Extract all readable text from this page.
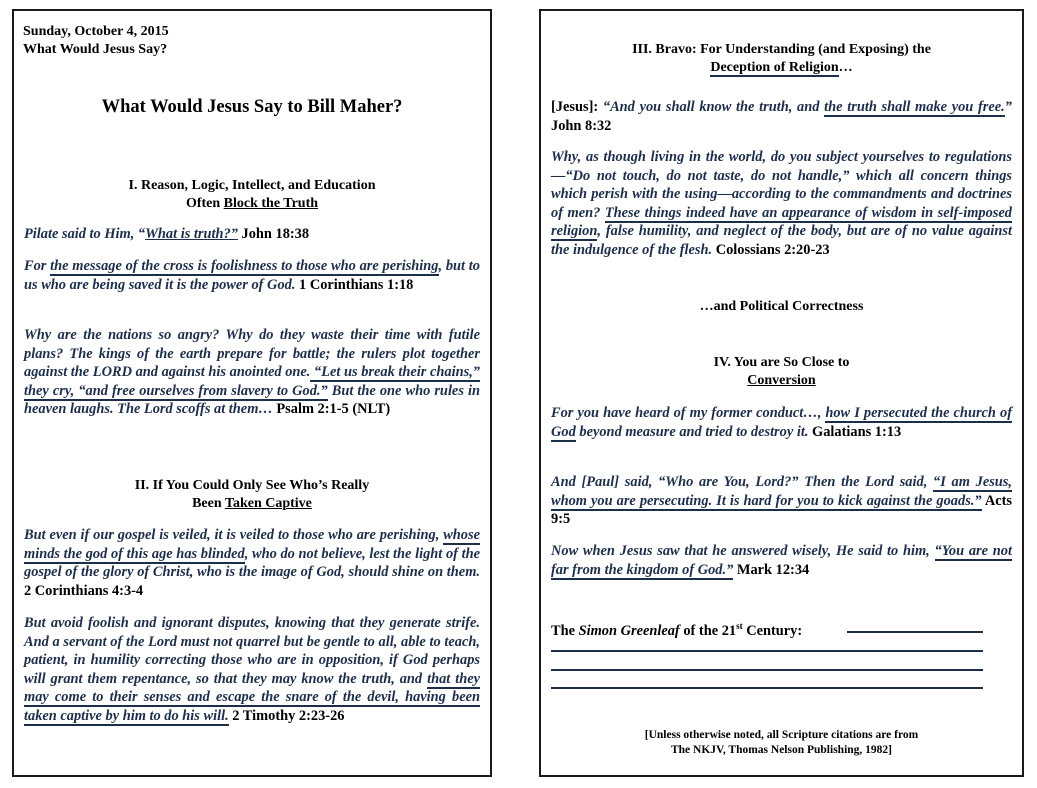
Sunday, October 4, 2015
What Would Jesus Say?
What Would Jesus Say to Bill Maher?
I. Reason, Logic, Intellect, and Education
Often Block the Truth
Pilate said to Him, “What is truth?” John 18:38
For the message of the cross is foolishness to those who are perishing, but to us who are being saved it is the power of God. 1 Corinthians 1:18
Why are the nations so angry? Why do they waste their time with futile plans? The kings of the earth prepare for battle; the rulers plot together against the LORD and against his anointed one. “Let us break their chains,” they cry, “and free ourselves from slavery to God.” But the one who rules in heaven laughs. The Lord scoffs at them… Psalm 2:1-5 (NLT)
II. If You Could Only See Who’s Really
Been Taken Captive
But even if our gospel is veiled, it is veiled to those who are perishing, whose minds the god of this age has blinded, who do not believe, lest the light of the gospel of the glory of Christ, who is the image of God, should shine on them. 2 Corinthians 4:3-4
But avoid foolish and ignorant disputes, knowing that they generate strife. And a servant of the Lord must not quarrel but be gentle to all, able to teach, patient, in humility correcting those who are in opposition, if God perhaps will grant them repentance, so that they may know the truth, and that they may come to their senses and escape the snare of the devil, having been taken captive by him to do his will. 2 Timothy 2:23-26
III. Bravo: For Understanding (and Exposing) the
Deception of Religion…
[Jesus]: “And you shall know the truth, and the truth shall make you free.” John 8:32
Why, as though living in the world, do you subject yourselves to regulations—“Do not touch, do not taste, do not handle,” which all concern things which perish with the using—according to the commandments and doctrines of men? These things indeed have an appearance of wisdom in self-imposed religion, false humility, and neglect of the body, but are of no value against the indulgence of the flesh. Colossians 2:20-23
…and Political Correctness
IV. You are So Close to
Conversion
For you have heard of my former conduct…, how I persecuted the church of God beyond measure and tried to destroy it. Galatians 1:13
And [Paul] said, “Who are You, Lord?” Then the Lord said, “I am Jesus, whom you are persecuting. It is hard for you to kick against the goads.” Acts 9:5
Now when Jesus saw that he answered wisely, He said to him, “You are not far from the kingdom of God.” Mark 12:34
The Simon Greenleaf of the 21st Century:
[Unless otherwise noted, all Scripture citations are from
The NKJV, Thomas Nelson Publishing, 1982]
